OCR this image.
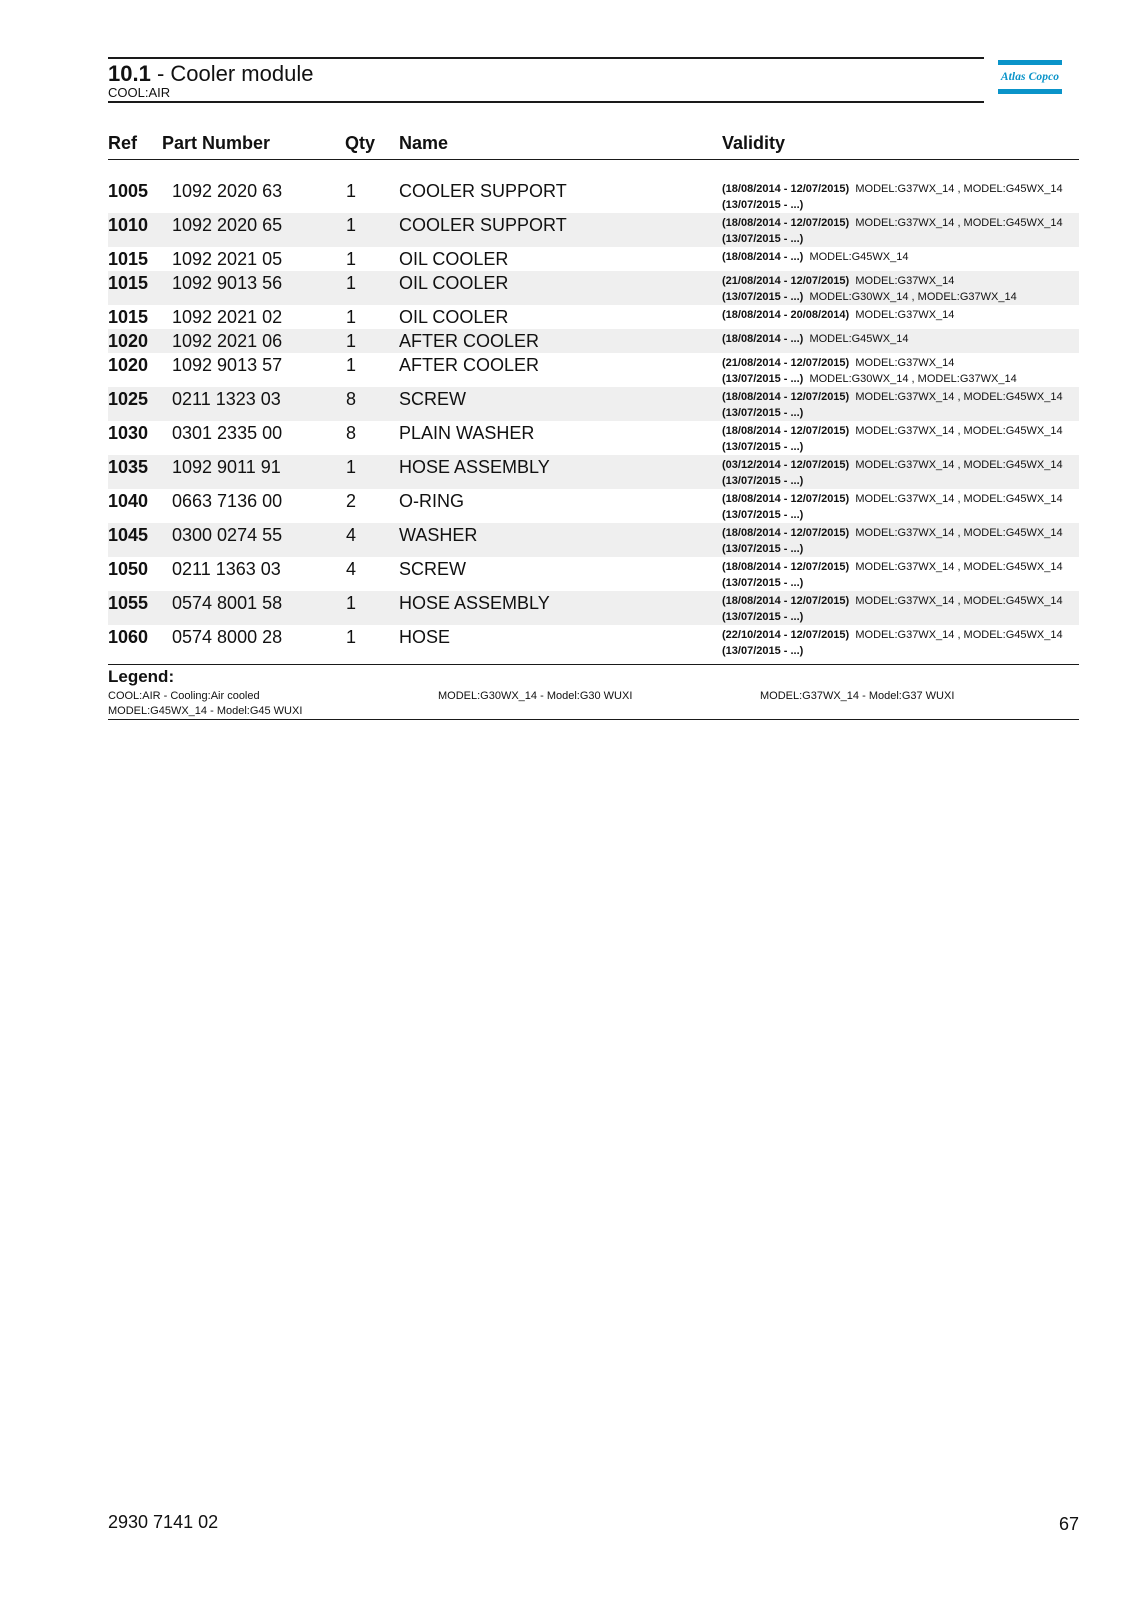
10.1 - Cooler module
COOL:AIR
Atlas Copco
Ref Part Number	Qty Name	Validity
1005 1092 2020 63	1 COOLER SUPPORT	(18/08/2014 - 12/07/2015) MODEL:G37WX_14 , MODEL:G45WX_14
(13/07/2015 - ...)
1010 1092 2020 65	1 COOLER SUPPORT	(18/08/2014 - 12/07/2015) MODEL:G37WX_14 , MODEL:G45WX_14
(13/07/2015 - ...)
1015 1092 2021 05	1 OIL COOLER	(18/08/2014 - ...) MODEL:G45WX_14
1015 1092 9013 56	1 OIL COOLER	(21/08/2014 - 12/07/2015) MODEL:G37WX_14
(13/07/2015 - ...) MODEL:G30WX_14 , MODEL:G37WX_14
1015 1092 2021 02	1 OIL COOLER	(18/08/2014 - 20/08/2014) MODEL:G37WX_14
1020 1092 2021 06	1 AFTER COOLER	(18/08/2014 - ...) MODEL:G45WX_14
1020 1092 9013 57	1 AFTER COOLER	(21/08/2014 - 12/07/2015) MODEL:G37WX_14
(13/07/2015 - ...) MODEL:G30WX_14 , MODEL:G37WX_14
1025 0211 1323 03	8 SCREW	(18/08/2014 - 12/07/2015) MODEL:G37WX_14 , MODEL:G45WX_14
(13/07/2015 - ...)
1030 0301 2335 00	8 PLAIN WASHER	(18/08/2014 - 12/07/2015) MODEL:G37WX_14 , MODEL:G45WX_14
(13/07/2015 - ...)
1035 1092 9011 91	1 HOSE ASSEMBLY	(03/12/2014 - 12/07/2015) MODEL:G37WX_14 , MODEL:G45WX_14
(13/07/2015 - ...)
1040 0663 7136 00	2 O-RING	(18/08/2014 - 12/07/2015) MODEL:G37WX_14 , MODEL:G45WX_14
(13/07/2015 - ...)
1045 0300 0274 55	4 WASHER	(18/08/2014 - 12/07/2015) MODEL:G37WX_14 , MODEL:G45WX_14
(13/07/2015 - ...)
1050 0211 1363 03	4 SCREW	(18/08/2014 - 12/07/2015) MODEL:G37WX_14 , MODEL:G45WX_14
(13/07/2015 - ...)
1055 0574 8001 58	1 HOSE ASSEMBLY	(18/08/2014 - 12/07/2015) MODEL:G37WX_14 , MODEL:G45WX_14
(13/07/2015 - ...)
1060 0574 8000 28	1 HOSE	(22/10/2014 - 12/07/2015) MODEL:G37WX_14 , MODEL:G45WX_14
(13/07/2015 - ...)
Legend:
COOL:AIR - Cooling:Air cooled	MODEL:G30WX_14 - Model:G30 WUXI	MODEL:G37WX_14 - Model:G37 WUXI
MODEL:G45WX_14 - Model:G45 WUXI
2930 7141 02	67
